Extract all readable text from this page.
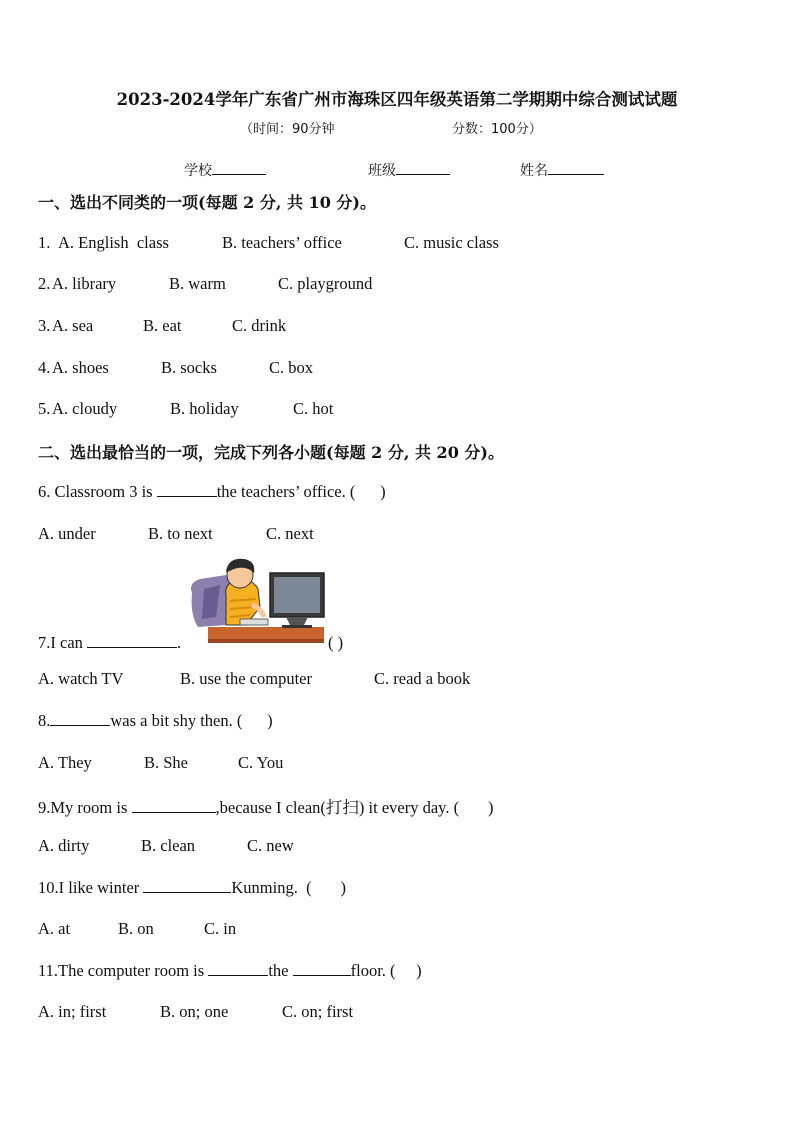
2023-2024学年广东省广州市海珠区四年级英语第二学期期中综合测试试题
（时间：90分钟	分数：100分）
学校	班级	姓名
一、选出不同类的一项(每题 2 分, 共 10 分)。
1. A. English  class	B. teachers’ office	C. music class
2. A. library	B. warm	C. playground
3. A. sea	B. eat	C. drink
4. A. shoes	B. socks	C. box
5. A. cloudy	B. holiday	C. hot
二、选出最恰当的一项，完成下列各小题(每题 2 分, 共 20 分)。
6. Classroom 3 is	the teachers’ office. (      )
A. under	B. to next	C. next
7.I can	.	( )
A. watch TV	B. use the computer	C. read a book
8.	was a bit shy then. (      )
A. They	B. She	C. You
9.My room is	,because I clean(打扫) it every day. (       )
A. dirty	B. clean	C. new
10.I like winter	Kunming.  (       )
A. at	B. on	C. in
11.The computer room is	the	floor. (     )
A. in; first	B. on; one	C. on; first
